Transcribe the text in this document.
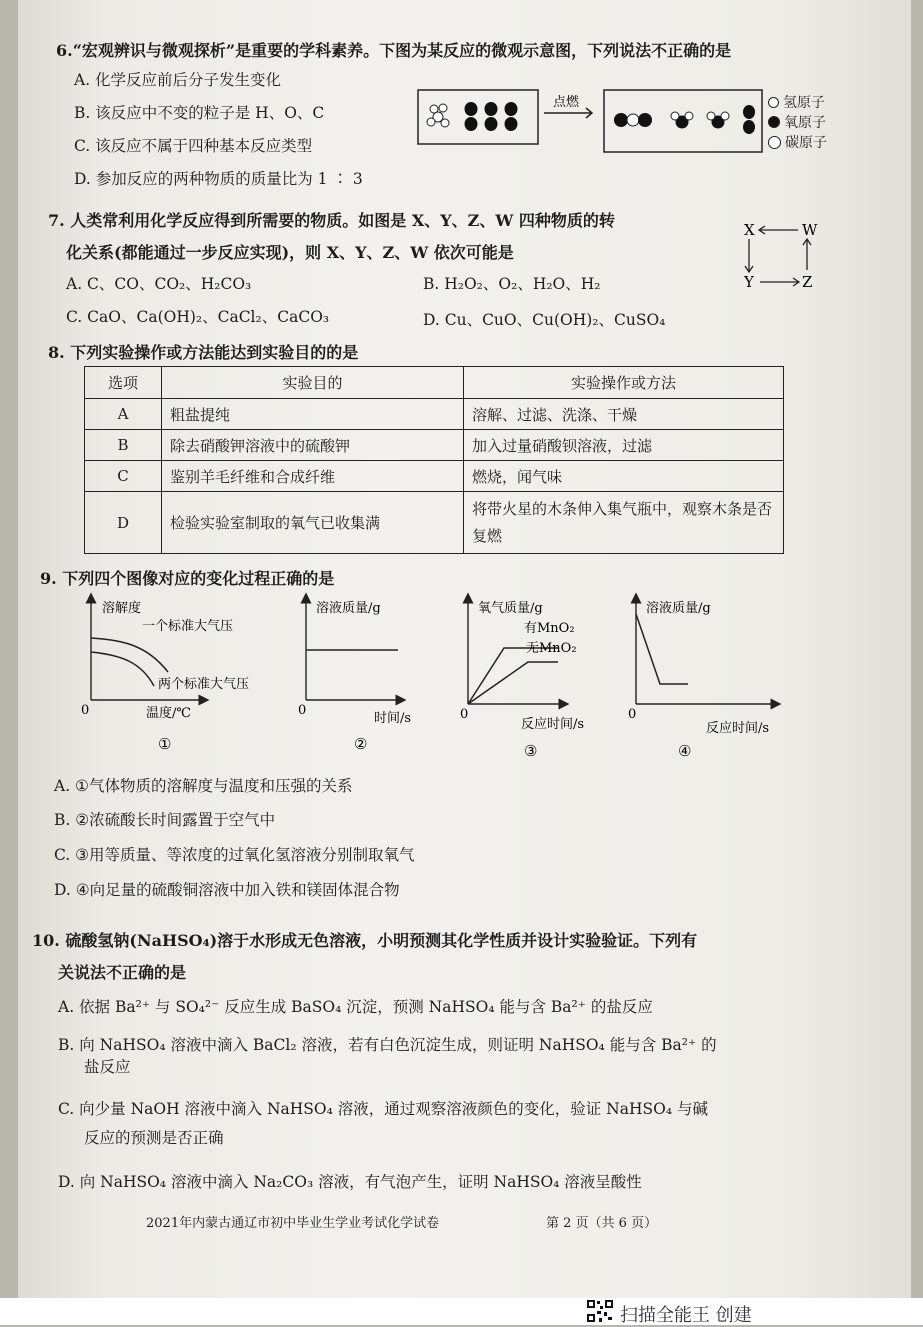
6.“宏观辨识与微观探析”是重要的学科素养。下图为某反应的微观示意图，下列说法不正确的是
A. 化学反应前后分子发生变化
B. 该反应中不变的粒子是 H、O、C
C. 该反应不属于四种基本反应类型
D. 参加反应的两种物质的质量比为 1 ∶ 3
点燃	氢原子
氧原子
碳原子
7. 人类常利用化学反应得到所需要的物质。如图是 X、Y、Z、W 四种物质的转
化关系(都能通过一步反应实现)，则 X、Y、Z、W 依次可能是
A. C、CO、CO₂、H₂CO₃	B. H₂O₂、O₂、H₂O、H₂
C. CaO、Ca(OH)₂、CaCl₂、CaCO₃	D. Cu、CuO、Cu(OH)₂、CuSO₄
X	W
Y	Z
8. 下列实验操作或方法能达到实验目的的是
选项	实验目的	实验操作或方法
A	粗盐提纯	溶解、过滤、洗涤、干燥
B	除去硝酸钾溶液中的硫酸钾	加入过量硝酸钡溶液，过滤
C	鉴别羊毛纤维和合成纤维	燃烧，闻气味
D	检验实验室制取的氧气已收集满	将带火星的木条伸入集气瓶中，观察木条是否复燃
9. 下列四个图像对应的变化过程正确的是
溶解度
0	温度/℃
一个标准大气压
两个标准大气压
①
溶液质量/g
0
时间/s
②
氧气质量/g
0
反应时间/s
有MnO₂
无MnO₂
③
溶液质量/g
0
反应时间/s
④
A. ①气体物质的溶解度与温度和压强的关系
B. ②浓硫酸长时间露置于空气中
C. ③用等质量、等浓度的过氧化氢溶液分别制取氧气
D. ④向足量的硫酸铜溶液中加入铁和镁固体混合物
10. 硫酸氢钠(NaHSO₄)溶于水形成无色溶液，小明预测其化学性质并设计实验验证。下列有
关说法不正确的是
A. 依据 Ba²⁺ 与 SO₄²⁻ 反应生成 BaSO₄ 沉淀，预测 NaHSO₄ 能与含 Ba²⁺ 的盐反应
B. 向 NaHSO₄ 溶液中滴入 BaCl₂ 溶液，若有白色沉淀生成，则证明 NaHSO₄ 能与含 Ba²⁺ 的
盐反应
C. 向少量 NaOH 溶液中滴入 NaHSO₄ 溶液，通过观察溶液颜色的变化，验证 NaHSO₄ 与碱
反应的预测是否正确
D. 向 NaHSO₄ 溶液中滴入 Na₂CO₃ 溶液，有气泡产生，证明 NaHSO₄ 溶液呈酸性
2021年内蒙古通辽市初中毕业生学业考试化学试卷	第 2 页（共 6 页）
扫描全能王 创建
